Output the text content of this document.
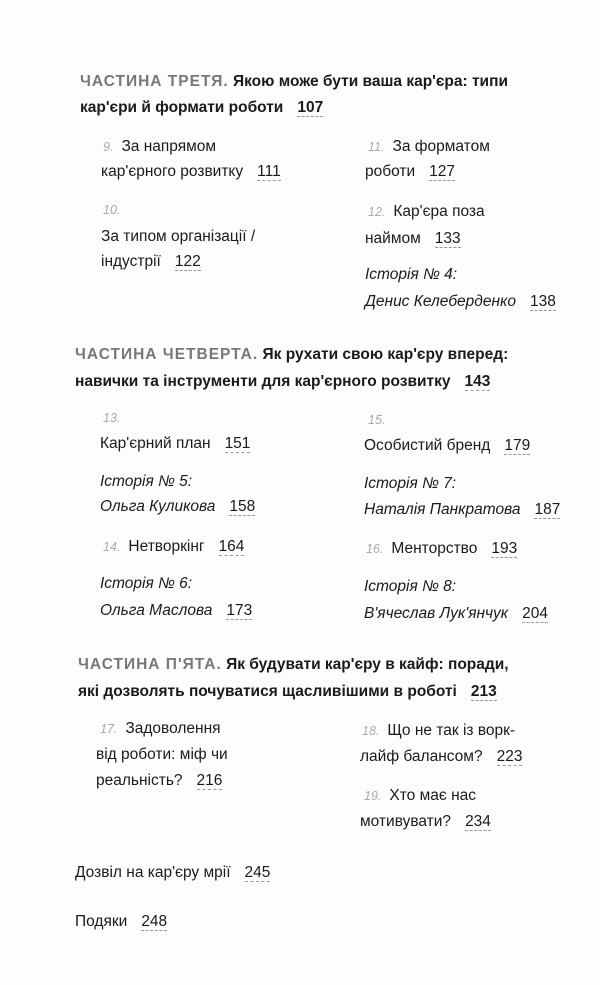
ЧАСТИНА ТРЕТЯ. Якою може бути ваша кар'єра: типи
кар'єри й формати роботи 107
9. За напрямом
кар'єрного розвитку 111
10.
За типом організації /
індустрії 122
11. За форматом
роботи 127
12. Кар'єра поза
наймом 133
Історія № 4:
Денис Келеберденко 138
ЧАСТИНА ЧЕТВЕРТА. Як рухати свою кар'єру вперед:
навички та інструменти для кар'єрного розвитку 143
13.
Кар'єрний план 151
Історія № 5:
Ольга Куликова 158
14. Нетворкінг 164
Історія № 6:
Ольга Маслова 173
15.
Особистий бренд 179
Історія № 7:
Наталія Панкратова 187
16. Менторство 193
Історія № 8:
В'ячеслав Лук'янчук 204
ЧАСТИНА П'ЯТА. Як будувати кар'єру в кайф: поради,
які дозволять почуватися щасливішими в роботі 213
17. Задоволення
від роботи: міф чи
реальність? 216
18. Що не так із ворк-
лайф балансом? 223
19. Хто має нас
мотивувати? 234
Дозвіл на кар'єру мрії 245
Подяки 248
